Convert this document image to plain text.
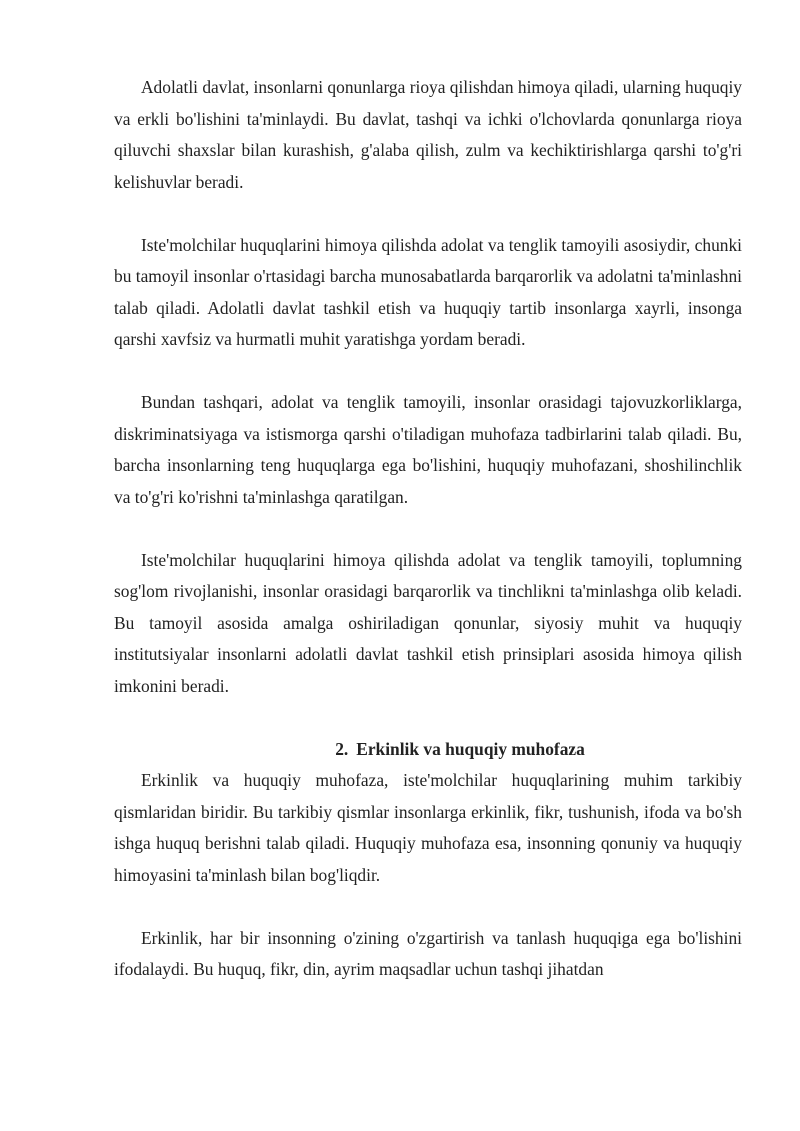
Adolatli davlat, insonlarni qonunlarga rioya qilishdan himoya qiladi, ularning huquqiy va erkli bo'lishini ta'minlaydi. Bu davlat, tashqi va ichki o'lchovlarda qonunlarga rioya qiluvchi shaxslar bilan kurashish, g'alaba qilish, zulm va kechiktirishlarga qarshi to'g'ri kelishuvlar beradi.

Iste'molchilar huquqlarini himoya qilishda adolat va tenglik tamoyili asosiydir, chunki bu tamoyil insonlar o'rtasidagi barcha munosabatlarda barqarorlik va adolatni ta'minlashni talab qiladi. Adolatli davlat tashkil etish va huquqiy tartib insonlarga xayrli, insonga qarshi xavfsiz va hurmatli muhit yaratishga yordam beradi.

Bundan tashqari, adolat va tenglik tamoyili, insonlar orasidagi tajovuzkorliklarga, diskriminatsiyaga va istismorga qarshi o'tiladigan muhofaza tadbirlarini talab qiladi. Bu, barcha insonlarning teng huquqlarga ega bo'lishini, huquqiy muhofazani, shoshilinchlik va to'g'ri ko'rishni ta'minlashga qaratilgan.

Iste'molchilar huquqlarini himoya qilishda adolat va tenglik tamoyili, toplumning sog'lom rivojlanishi, insonlar orasidagi barqarorlik va tinchlikni ta'minlashga olib keladi. Bu tamoyil asosida amalga oshiriladigan qonunlar, siyosiy muhit va huquqiy institutsiyalar insonlarni adolatli davlat tashkil etish prinsiplari asosida himoya qilish imkonini beradi.

2. Erkinlik va huquqiy muhofaza

Erkinlik va huquqiy muhofaza, iste'molchilar huquqlarining muhim tarkibiy qismlaridan biridir. Bu tarkibiy qismlar insonlarga erkinlik, fikr, tushunish, ifoda va bo'sh ishga huquq berishni talab qiladi. Huquqiy muhofaza esa, insonning qonuniy va huquqiy himoyasini ta'minlash bilan bog'liqdir.

Erkinlik, har bir insonning o'zining o'zgartirish va tanlash huquqiga ega bo'lishini ifodalaydi. Bu huquq, fikr, din, ayrim maqsadlar uchun tashqi jihatdan
